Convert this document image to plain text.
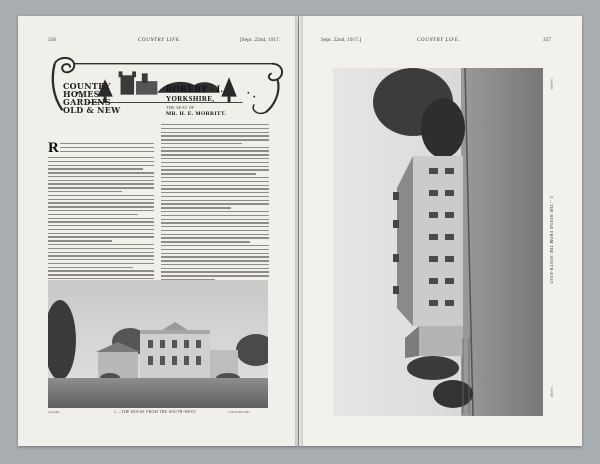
356	COUNTRY LIFE.	[Sept. 22nd, 1917.
COUNTRY
HOMES
GARDENS
OLD & NEW
ROKEBY - I.
YORKSHIRE,
THE SEAT OF
MR. H. E. MORRITT.
R
Copyright	1.—THE HOUSE FROM THE SOUTH-WEST.	"COUNTRY LIFE."
Sept. 22nd, 1917.]	COUNTRY LIFE.	357
Copyright
2.—THE HOUSE FROM THE SOUTH-EAST.
Copyright
